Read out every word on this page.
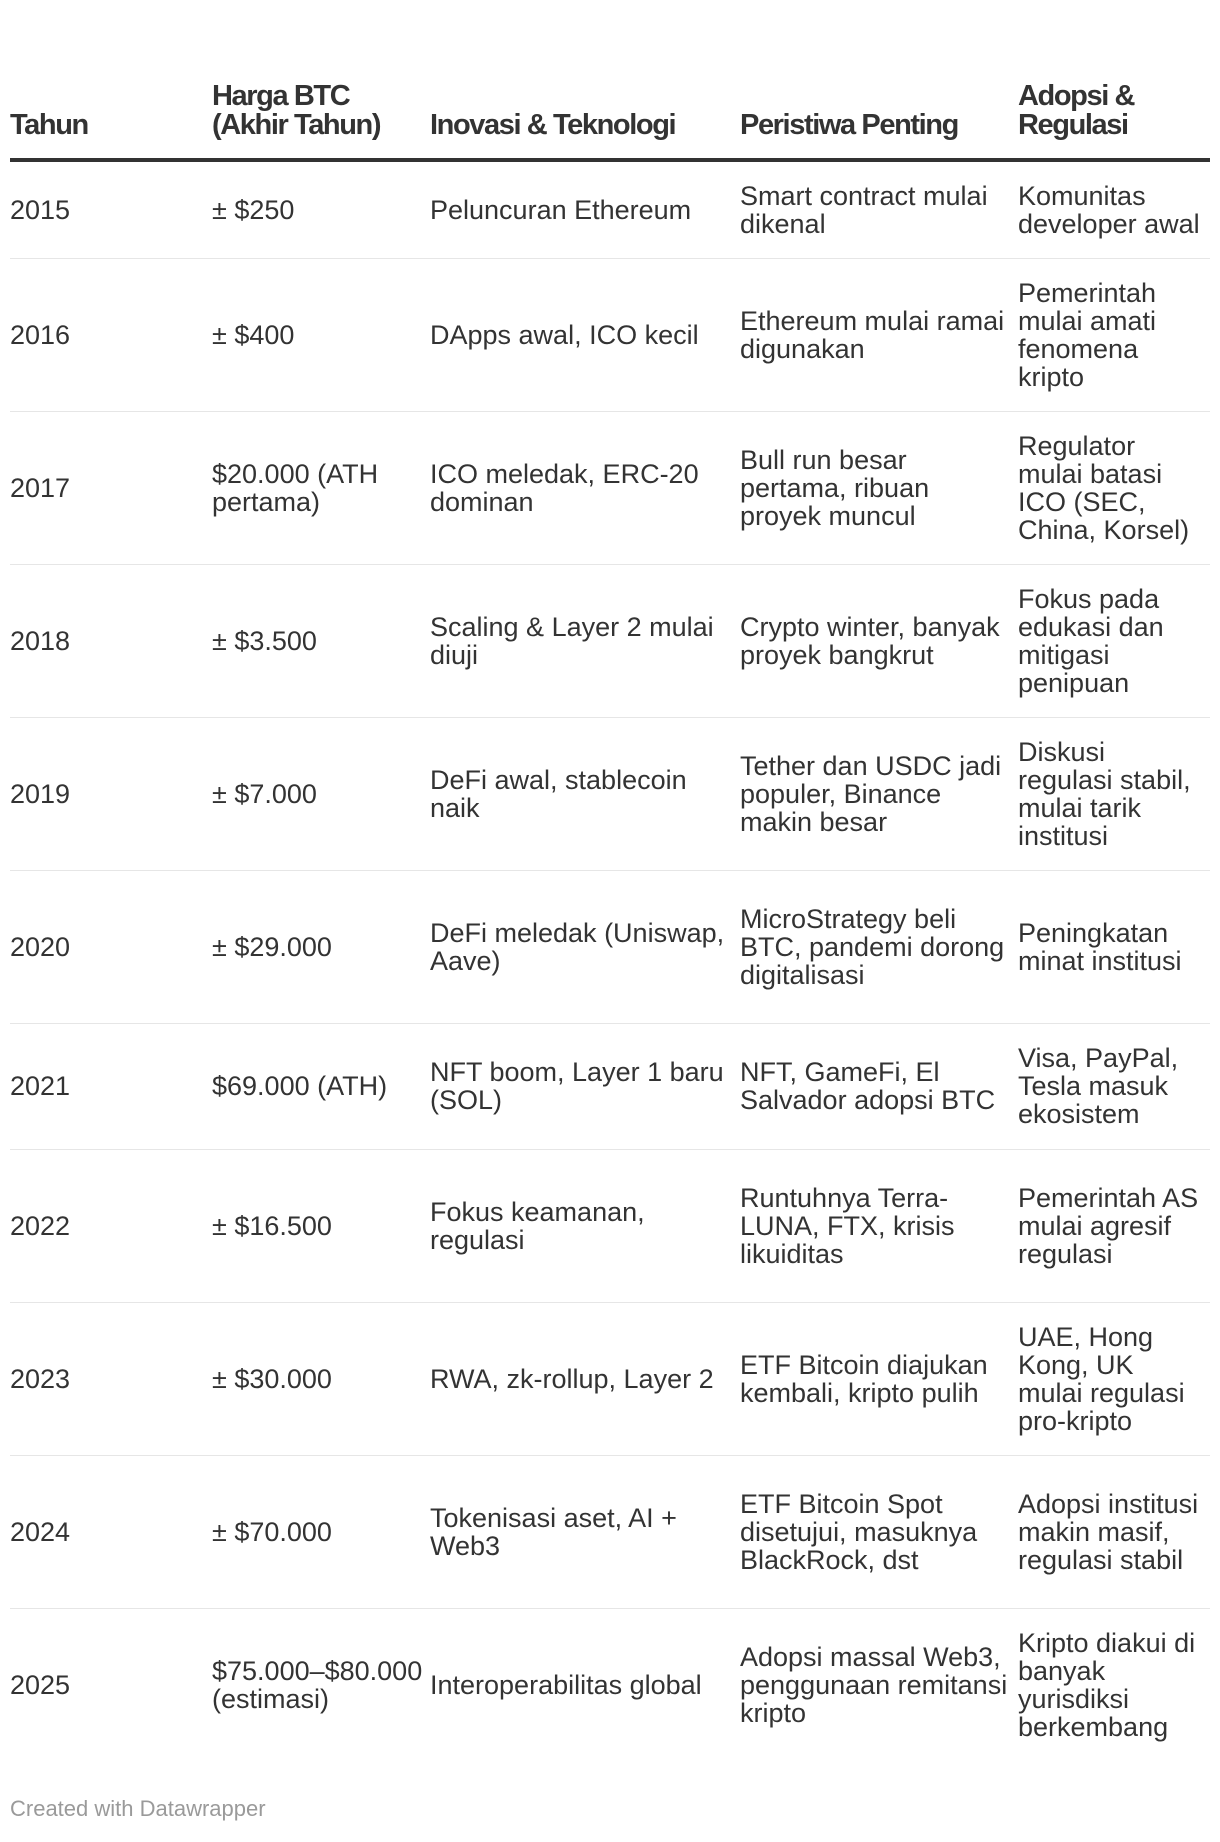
Tahun	Harga BTC (Akhir Tahun)	Inovasi & Teknologi	Peristiwa Penting	Adopsi & Regulasi
2015	± $250	Peluncuran Ethereum	Smart contract mulai dikenal	Komunitas developer awal
2016	± $400	DApps awal, ICO kecil	Ethereum mulai ramai digunakan	Pemerintah mulai amati fenomena kripto
2017	$20.000 (ATH pertama)	ICO meledak, ERC-20 dominan	Bull run besar pertama, ribuan proyek muncul	Regulator mulai batasi ICO (SEC, China, Korsel)
2018	± $3.500	Scaling & Layer 2 mulai diuji	Crypto winter, banyak proyek bangkrut	Fokus pada edukasi dan mitigasi penipuan
2019	± $7.000	DeFi awal, stablecoin naik	Tether dan USDC jadi populer, Binance makin besar	Diskusi regulasi stabil, mulai tarik institusi
2020	± $29.000	DeFi meledak (Uniswap, Aave)	MicroStrategy beli BTC, pandemi dorong digitalisasi	Peningkatan minat institusi
2021	$69.000 (ATH)	NFT boom, Layer 1 baru (SOL)	NFT, GameFi, El Salvador adopsi BTC	Visa, PayPal, Tesla masuk ekosistem
2022	± $16.500	Fokus keamanan, regulasi	Runtuhnya Terra-LUNA, FTX, krisis likuiditas	Pemerintah AS mulai agresif regulasi
2023	± $30.000	RWA, zk-rollup, Layer 2	ETF Bitcoin diajukan kembali, kripto pulih	UAE, Hong Kong, UK mulai regulasi pro-kripto
2024	± $70.000	Tokenisasi aset, AI + Web3	ETF Bitcoin Spot disetujui, masuknya BlackRock, dst	Adopsi institusi makin masif, regulasi stabil
2025	$75.000–$80.000 (estimasi)	Interoperabilitas global	Adopsi massal Web3, penggunaan remitansi kripto	Kripto diakui di banyak yurisdiksi berkembang
Created with Datawrapper
